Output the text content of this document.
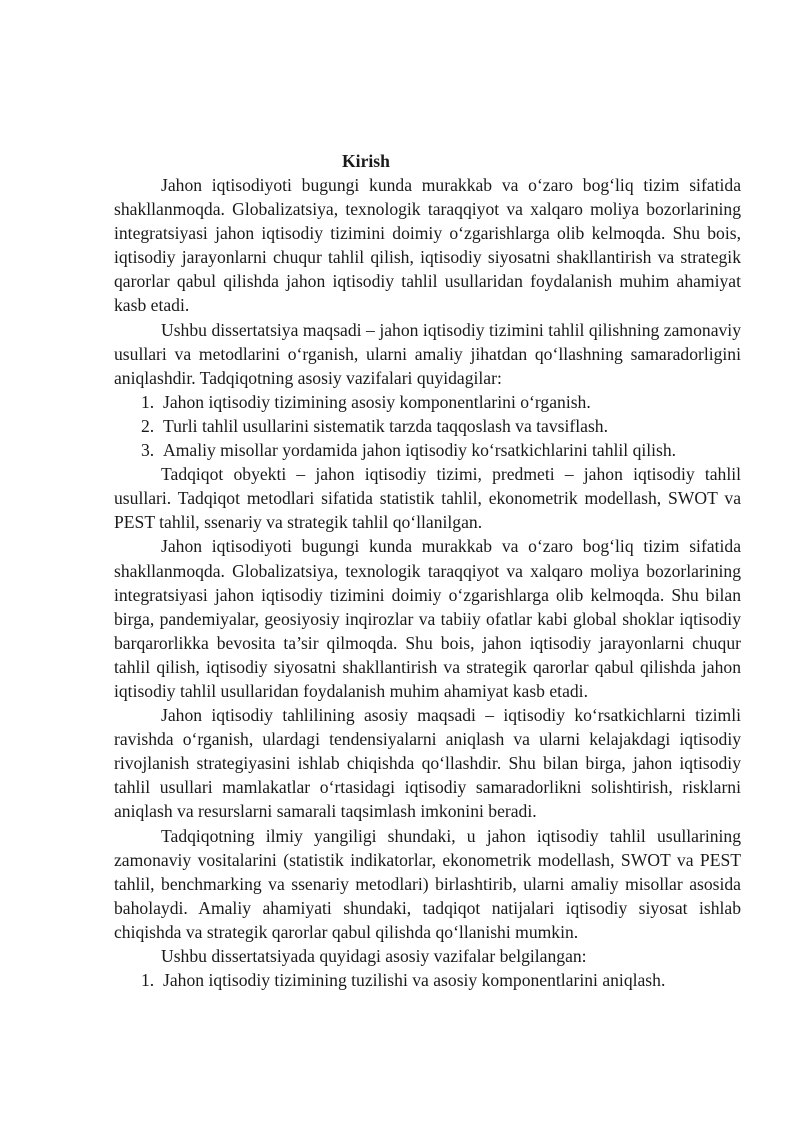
Kirish

Jahon iqtisodiyoti bugungi kunda murakkab va o‘zaro bog‘liq tizim sifatida shakllanmoqda. Globalizatsiya, texnologik taraqqiyot va xalqaro moliya bozorlarining integratsiyasi jahon iqtisodiy tizimini doimiy o‘zgarishlarga olib kelmoqda. Shu bois, iqtisodiy jarayonlarni chuqur tahlil qilish, iqtisodiy siyosatni shakllantirish va strategik qarorlar qabul qilishda jahon iqtisodiy tahlil usullaridan foydalanish muhim ahamiyat kasb etadi.

Ushbu dissertatsiya maqsadi – jahon iqtisodiy tizimini tahlil qilishning zamonaviy usullari va metodlarini o‘rganish, ularni amaliy jihatdan qo‘llashning samaradorligini aniqlashdir. Tadqiqotning asosiy vazifalari quyidagilar:

1. Jahon iqtisodiy tizimining asosiy komponentlarini o‘rganish.
2. Turli tahlil usullarini sistematik tarzda taqqoslash va tavsiflash.
3. Amaliy misollar yordamida jahon iqtisodiy ko‘rsatkichlarini tahlil qilish.

Tadqiqot obyekti – jahon iqtisodiy tizimi, predmeti – jahon iqtisodiy tahlil usullari. Tadqiqot metodlari sifatida statistik tahlil, ekonometrik modellash, SWOT va PEST tahlil, ssenariy va strategik tahlil qo‘llanilgan.

Jahon iqtisodiyoti bugungi kunda murakkab va o‘zaro bog‘liq tizim sifatida shakllanmoqda. Globalizatsiya, texnologik taraqqiyot va xalqaro moliya bozorlarining integratsiyasi jahon iqtisodiy tizimini doimiy o‘zgarishlarga olib kelmoqda. Shu bilan birga, pandemiyalar, geosiyosiy inqirozlar va tabiiy ofatlar kabi global shoklar iqtisodiy barqarorlikka bevosita ta’sir qilmoqda. Shu bois, jahon iqtisodiy jarayonlarni chuqur tahlil qilish, iqtisodiy siyosatni shakllantirish va strategik qarorlar qabul qilishda jahon iqtisodiy tahlil usullaridan foydalanish muhim ahamiyat kasb etadi.

Jahon iqtisodiy tahlilining asosiy maqsadi – iqtisodiy ko‘rsatkichlarni tizimli ravishda o‘rganish, ulardagi tendensiyalarni aniqlash va ularni kelajakdagi iqtisodiy rivojlanish strategiyasini ishlab chiqishda qo‘llashdir. Shu bilan birga, jahon iqtisodiy tahlil usullari mamlakatlar o‘rtasidagi iqtisodiy samaradorlikni solishtirish, risklarni aniqlash va resurslarni samarali taqsimlash imkonini beradi.

Tadqiqotning ilmiy yangiligi shundaki, u jahon iqtisodiy tahlil usullarining zamonaviy vositalarini (statistik indikatorlar, ekonometrik modellash, SWOT va PEST tahlil, benchmarking va ssenariy metodlari) birlashtirib, ularni amaliy misollar asosida baholaydi. Amaliy ahamiyati shundaki, tadqiqot natijalari iqtisodiy siyosat ishlab chiqishda va strategik qarorlar qabul qilishda qo‘llanishi mumkin.

Ushbu dissertatsiyada quyidagi asosiy vazifalar belgilangan:

1. Jahon iqtisodiy tizimining tuzilishi va asosiy komponentlarini aniqlash.
